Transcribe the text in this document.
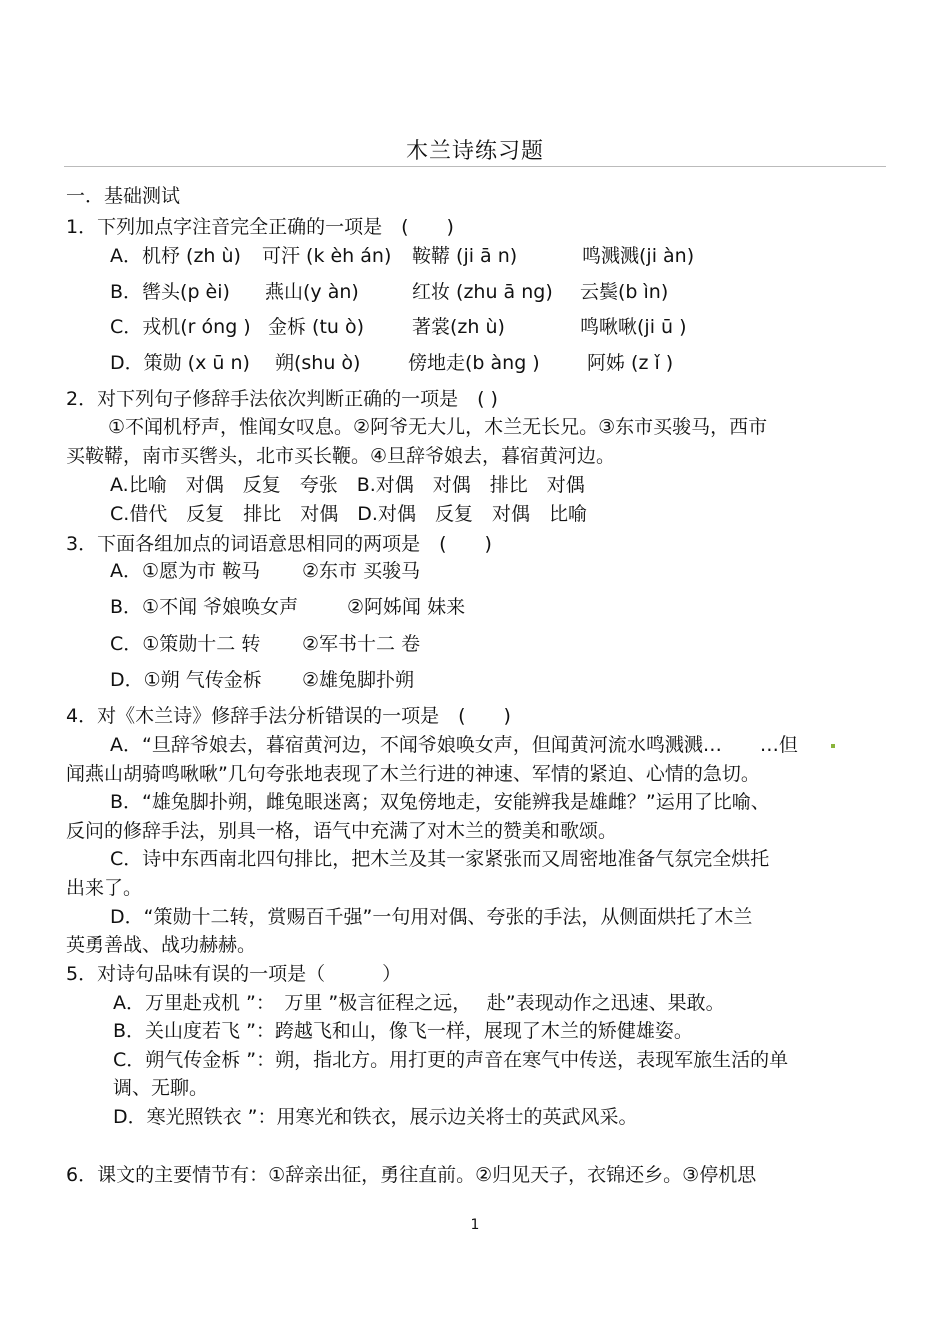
木兰诗练习题
一．基础测试
1．下列加点字注音完全正确的一项是　(　　)
A．机杼 (zh ù) 可汗 (k èh án) 鞍鞯 (ji ā n)	鸣溅溅(ji àn)
B．辔头(p èi) 燕山(y àn)	红妆 (zhu ā ng) 云鬓(b ìn)
C．戎机(r óng ) 金柝 (tu ò)	著裳(zh ù)	鸣啾啾(ji ū )
D．策勋 (x ū n) 朔(shu ò)	傍地走(b àng ) 阿姊 (z ǐ )
2．对下列句子修辞手法依次判断正确的一项是　( )
①不闻机杼声，惟闻女叹息。②阿爷无大儿，木兰无长兄。③东市买骏马，西市
买鞍鞯，南市买辔头，北市买长鞭。④旦辞爷娘去，暮宿黄河边。
A.比喻　对偶　反复　夸张　B.对偶　对偶　排比　对偶
C.借代　反复　排比　对偶　D.对偶　反复　对偶　比喻
3．下面各组加点的词语意思相同的两项是　(　　)
A．①愿为市 鞍马 ②东市 买骏马
B．①不闻 爷娘唤女声	②阿姊闻 妹来
C．①策勋十二 转 ②军书十二 卷
D．①朔 气传金柝 ②雄兔脚扑朔
4．对《木兰诗》修辞手法分析错误的一项是　(　　)
A．“旦辞爷娘去，暮宿黄河边，不闻爷娘唤女声，但闻黄河流水鸣溅溅…　　…但
闻燕山胡骑鸣啾啾”几句夸张地表现了木兰行进的神速、军情的紧迫、心情的急切。
B．“雄兔脚扑朔，雌兔眼迷离；双兔傍地走，安能辨我是雄雌？”运用了比喻、
反问的修辞手法，别具一格，语气中充满了对木兰的赞美和歌颂。
C．诗中东西南北四句排比，把木兰及其一家紧张而又周密地准备气氛完全烘托
出来了。
D．“策勋十二转，赏赐百千强”一句用对偶、夸张的手法，从侧面烘托了木兰
英勇善战、战功赫赫。
5．对诗句品味有误的一项是（　　　）
A．万里赴戎机 ”：　万里 ”极言征程之远，　 赴”表现动作之迅速、果敢。
B．关山度若飞 ”：跨越飞和山，像飞一样，展现了木兰的矫健雄姿。
C．朔气传金柝 ”：朔，指北方。用打更的声音在寒气中传送，表现军旅生活的单
调、无聊。
D．寒光照铁衣 ”：用寒光和铁衣，展示边关将士的英武风采。
6．课文的主要情节有：①辞亲出征，勇往直前。②归见天子，衣锦还乡。③停机思
1
